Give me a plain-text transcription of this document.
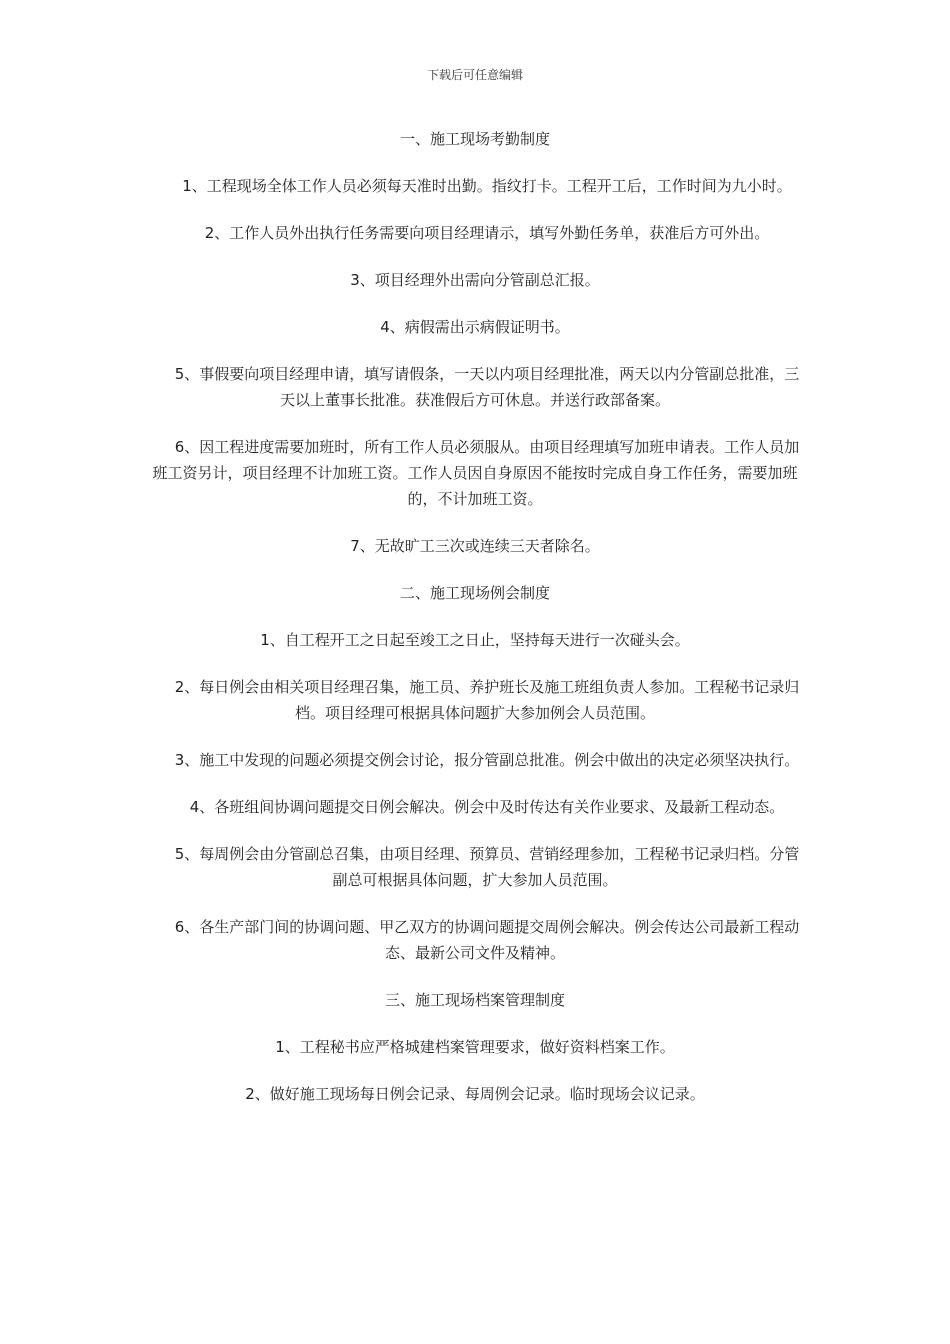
下载后可任意编辑
一、施工现场考勤制度
1、工程现场全体工作人员必须每天准时出勤。指纹打卡。工程开工后，工作时间为九小时。
2、工作人员外出执行任务需要向项目经理请示，填写外勤任务单，获准后方可外出。
3、项目经理外出需向分管副总汇报。
4、病假需出示病假证明书。
5、事假要向项目经理申请，填写请假条，一天以内项目经理批准，两天以内分管副总批准，三天以上董事长批准。获准假后方可休息。并送行政部备案。
6、因工程进度需要加班时，所有工作人员必须服从。由项目经理填写加班申请表。工作人员加班工资另计，项目经理不计加班工资。工作人员因自身原因不能按时完成自身工作任务，需要加班的，不计加班工资。
7、无故旷工三次或连续三天者除名。
二、施工现场例会制度
1、自工程开工之日起至竣工之日止，坚持每天进行一次碰头会。
2、每日例会由相关项目经理召集，施工员、养护班长及施工班组负责人参加。工程秘书记录归档。项目经理可根据具体问题扩大参加例会人员范围。
3、施工中发现的问题必须提交例会讨论，报分管副总批准。例会中做出的决定必须坚决执行。
4、各班组间协调问题提交日例会解决。例会中及时传达有关作业要求、及最新工程动态。
5、每周例会由分管副总召集，由项目经理、预算员、营销经理参加，工程秘书记录归档。分管副总可根据具体问题，扩大参加人员范围。
6、各生产部门间的协调问题、甲乙双方的协调问题提交周例会解决。例会传达公司最新工程动态、最新公司文件及精神。
三、施工现场档案管理制度
1、工程秘书应严格城建档案管理要求，做好资料档案工作。
2、做好施工现场每日例会记录、每周例会记录。临时现场会议记录。
